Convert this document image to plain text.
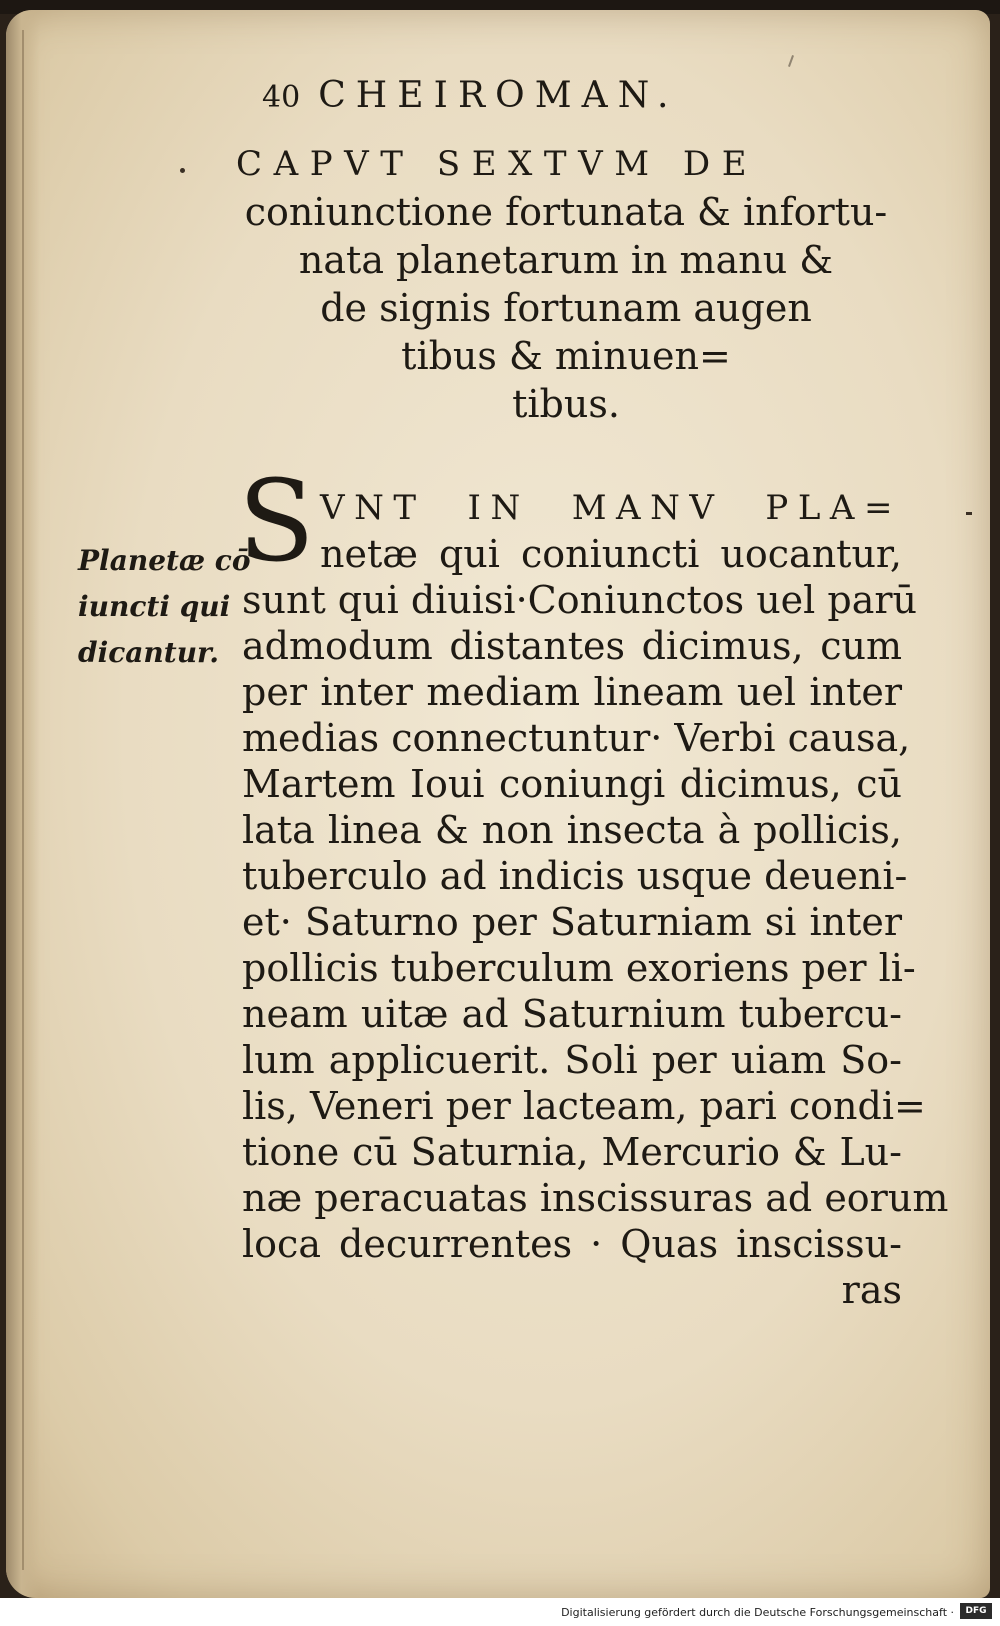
40 CHEIROMAN.
CAPVT SEXTVM DE
coniunctione fortunata & infortu-
nata planetarum in manu &
de signis fortunam augen
tibus & minuen=
tibus.
S
Planetæ cō
iuncti qui
dicantur.
VNT IN MANV PLA=
netæ qui coniuncti uocantur,
sunt qui diuisi·Coniunctos uel parū
admodum distantes dicimus, cum
per inter mediam lineam uel inter
medias connectuntur· Verbi causa,
Martem Ioui coniungi dicimus, cū
lata linea & non insecta à pollicis,
tuberculo ad indicis usque deueni-
et· Saturno per Saturniam si inter
pollicis tuberculum exoriens per li-
neam uitæ ad Saturnium tubercu-
lum applicuerit. Soli per uiam So-
lis, Veneri per lacteam, pari condi=
tione cū Saturnia, Mercurio & Lu-
næ peracuatas inscissuras ad eorum
loca decurrentes · Quas inscissu-
ras
Digitalisierung gefördert durch die Deutsche Forschungsgemeinschaft ·	DFG
